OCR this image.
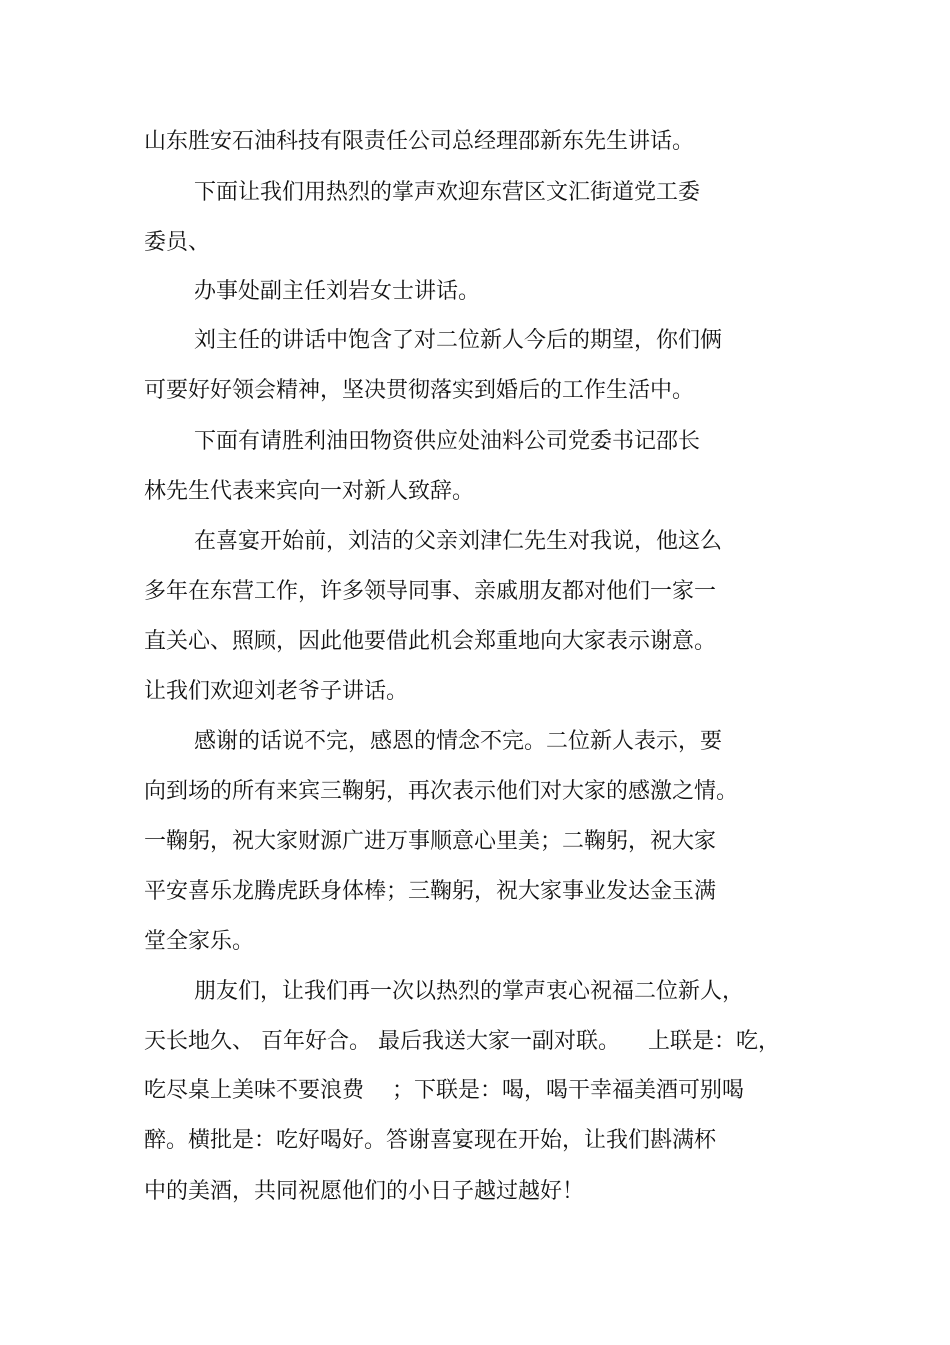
山东胜安石油科技有限责任公司总经理邵新东先生讲话。
下面让我们用热烈的掌声欢迎东营区文汇街道党工委
委员、
办事处副主任刘岩女士讲话。
刘主任的讲话中饱含了对二位新人今后的期望，你们俩
可要好好领会精神，坚决贯彻落实到婚后的工作生活中。
下面有请胜利油田物资供应处油料公司党委书记邵长
林先生代表来宾向一对新人致辞。
在喜宴开始前，刘洁的父亲刘津仁先生对我说，他这么
多年在东营工作，许多领导同事、亲戚朋友都对他们一家一
直关心、照顾，因此他要借此机会郑重地向大家表示谢意。
让我们欢迎刘老爷子讲话。
感谢的话说不完，感恩的情念不完。二位新人表示，要
向到场的所有来宾三鞠躬，再次表示他们对大家的感激之情。
一鞠躬，祝大家财源广进万事顺意心里美；二鞠躬，祝大家
平安喜乐龙腾虎跃身体棒；三鞠躬，祝大家事业发达金玉满
堂全家乐。
朋友们，让我们再一次以热烈的掌声衷心祝福二位新人，
天长地久、 百年好合。 最后我送大家一副对联。    上联是：吃，
吃尽桌上美味不要浪费    ；下联是：喝，喝干幸福美酒可别喝
醉。横批是：吃好喝好。答谢喜宴现在开始，让我们斟满杯
中的美酒，共同祝愿他们的小日子越过越好！
